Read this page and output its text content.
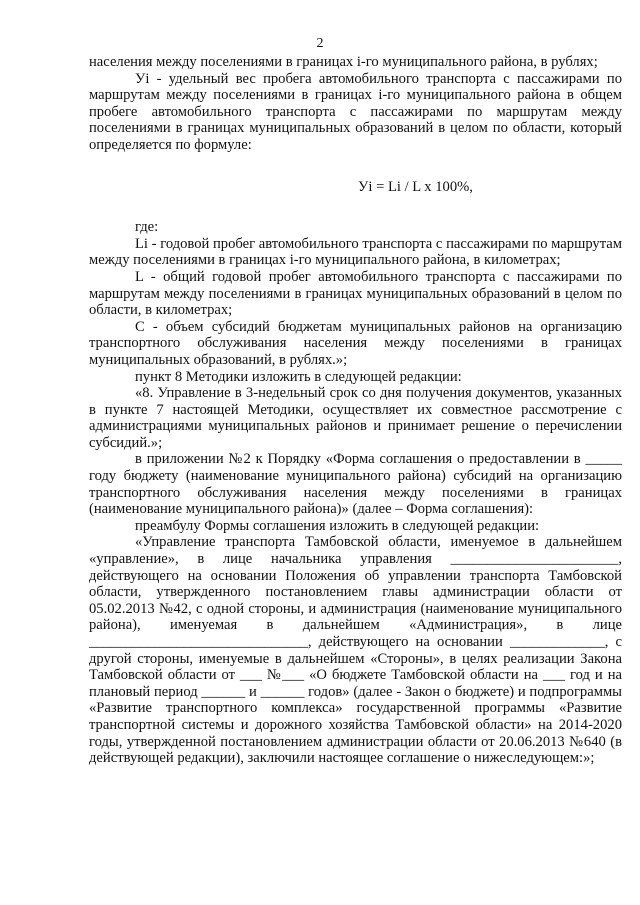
2

населения между поселениями в границах i-го муниципального района, в рублях;

Уi - удельный вес пробега автомобильного транспорта с пассажирами по маршрутам между поселениями в границах i-го муниципального района в общем пробеге автомобильного транспорта с пассажирами по маршрутам между поселениями в границах муниципальных образований в целом по области, который определяется по формуле:

Уi = Li / L х 100%,

где:

Li - годовой пробег автомобильного транспорта с пассажирами по маршрутам между поселениями в границах i-го муниципального района, в километрах;

L - общий годовой пробег автомобильного транспорта с пассажирами по маршрутам между поселениями в границах муниципальных образований в целом по области, в километрах;

С - объем субсидий бюджетам муниципальных районов на организацию транспортного обслуживания населения между поселениями в границах муниципальных образований, в рублях.»;

пункт 8 Методики изложить в следующей редакции:

«8. Управление в 3-недельный срок со дня получения документов, указанных в пункте 7 настоящей Методики, осуществляет их совместное рассмотрение с администрациями муниципальных районов и принимает решение о перечислении субсидий.»;

в приложении №2 к Порядку «Форма соглашения о предоставлении в _____ году бюджету (наименование муниципального района) субсидий на организацию транспортного обслуживания населения между поселениями в границах (наименование муниципального района)» (далее – Форма соглашения):

преамбулу Формы соглашения изложить в следующей редакции:

«Управление транспорта Тамбовской области, именуемое в дальнейшем «управление», в лице начальника управления _______________________, действующего на основании Положения об управлении транспорта Тамбовской области, утвержденного постановлением главы администрации области от 05.02.2013 №42, с одной стороны, и администрация (наименование муниципального района), именуемая в дальнейшем «Администрация», в лице ______________________________, действующего на основании _____________, с другой стороны, именуемые в дальнейшем «Стороны», в целях реализации Закона Тамбовской области от ___ №___ «О бюджете Тамбовской области на ___ год и на плановый период ______ и ______ годов» (далее - Закон о бюджете) и подпрограммы «Развитие транспортного комплекса» государственной программы «Развитие транспортной системы и дорожного хозяйства Тамбовской области» на 2014-2020 годы, утвержденной постановлением администрации области от 20.06.2013 №640 (в действующей редакции), заключили настоящее соглашение о нижеследующем:»;
